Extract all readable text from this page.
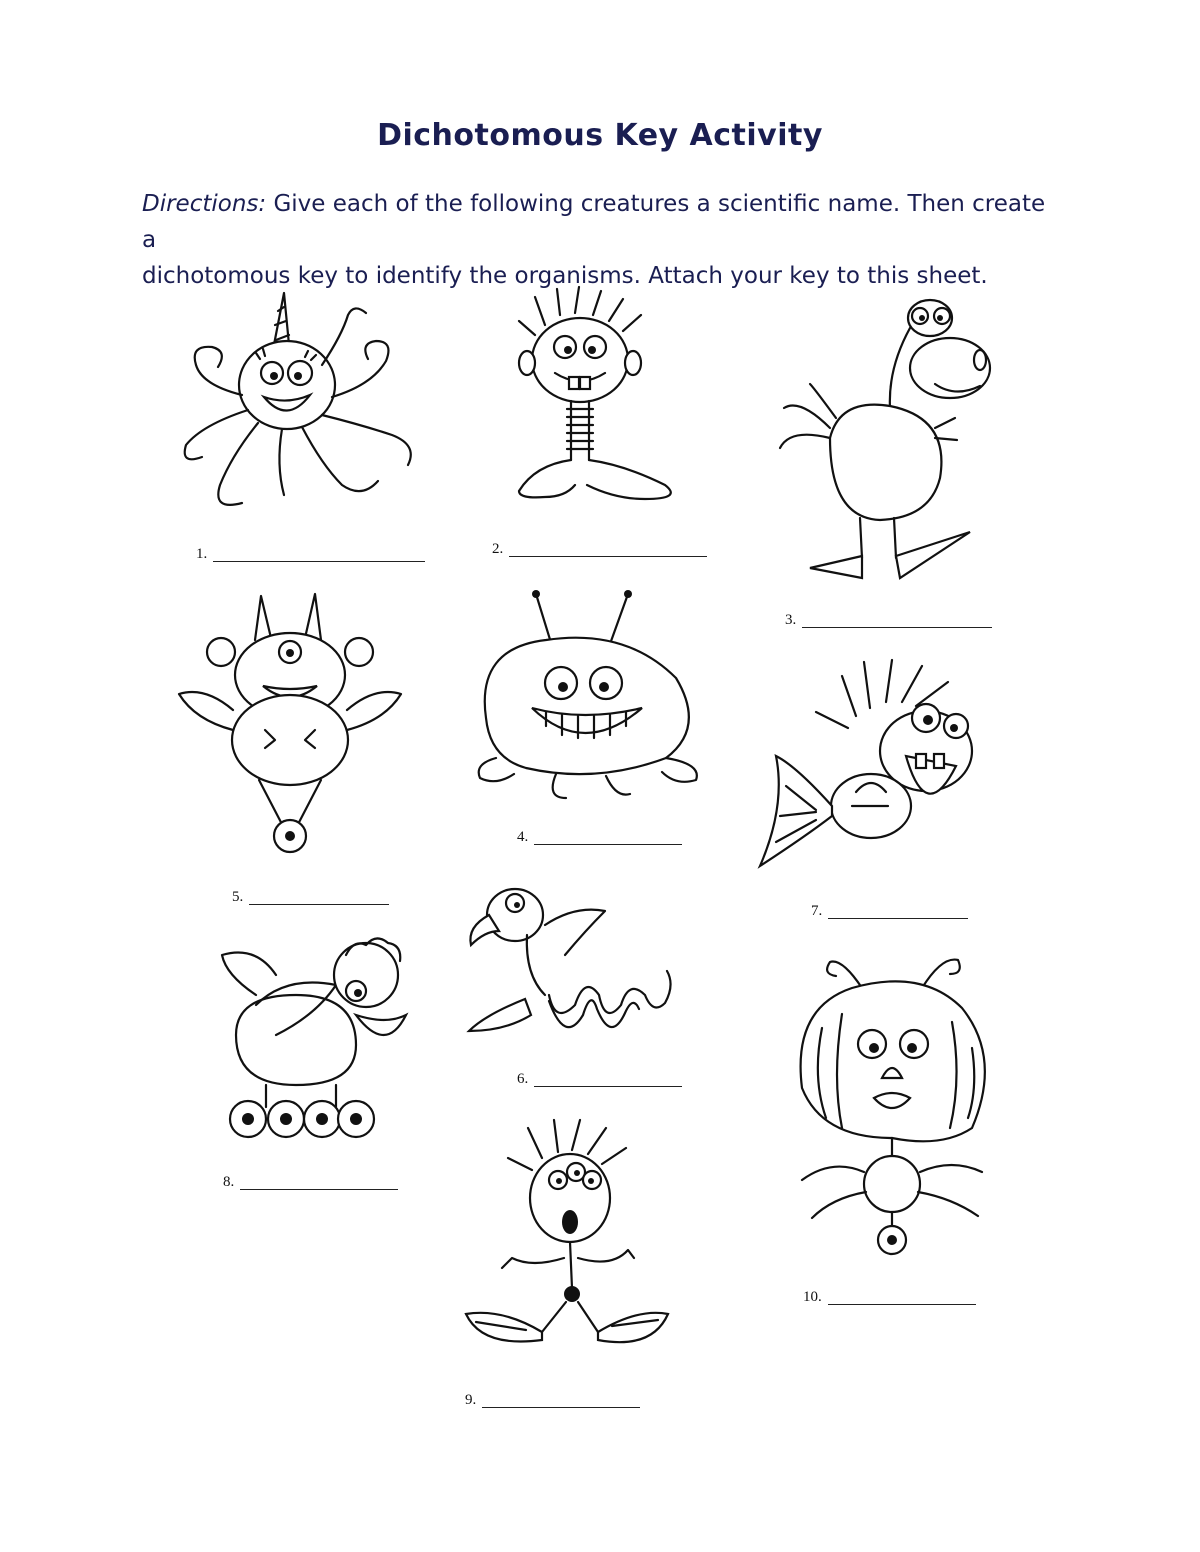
Dichotomous Key Activity
Directions: Give each of the following creatures a scientific name. Then create a
dichotomous key to identify the organisms. Attach your key to this sheet.
1.	2.
3.
5.
4.
7.
6.
8.
10.
9.
